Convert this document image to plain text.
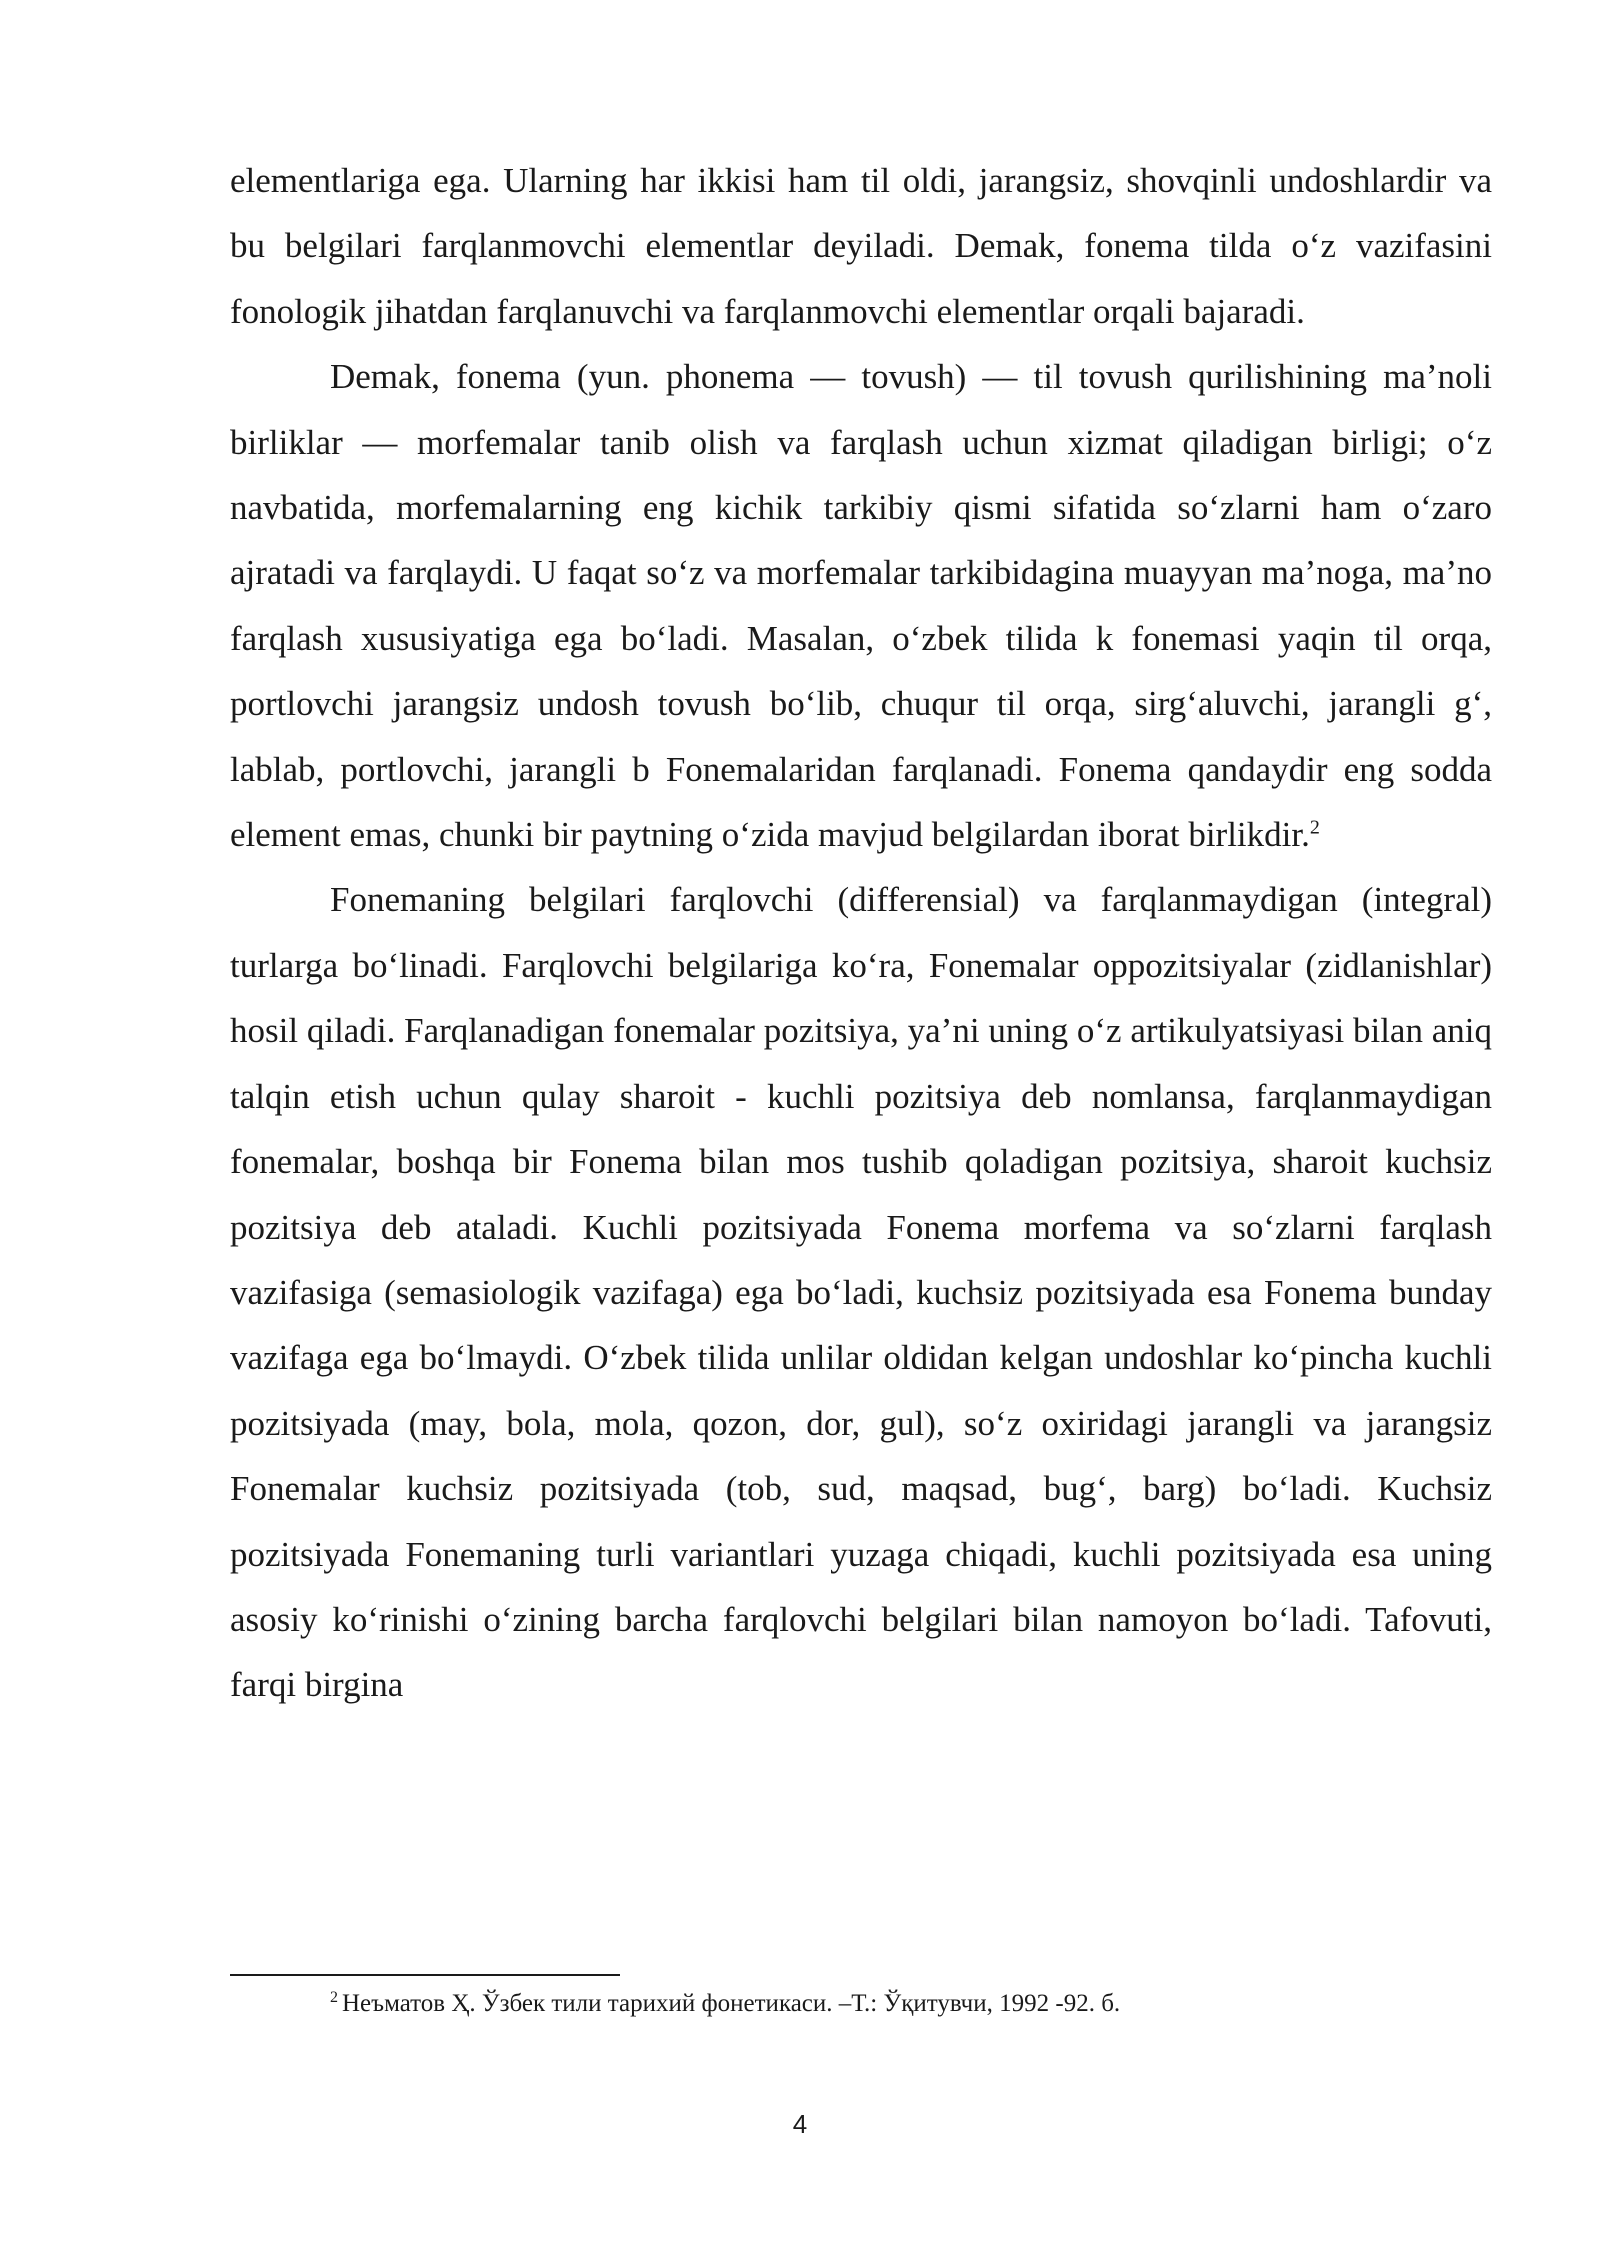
elementlariga ega. Ularning har ikkisi ham til oldi, jarangsiz, shovqinli undoshlardir va bu belgilari farqlanmovchi elementlar deyiladi. Demak, fonema tilda o‘z vazifasini fonologik jihatdan farqlanuvchi va farqlanmovchi elementlar orqali bajaradi.

Demak, fonema (yun. phonema — tovush) — til tovush qurilishining ma’noli birliklar — morfemalar tanib olish va farqlash uchun xizmat qiladigan birligi; o‘z navbatida, morfemalarning eng kichik tarkibiy qismi sifatida so‘zlarni ham o‘zaro ajratadi va farqlaydi. U faqat so‘z va morfemalar tarkibidagina muayyan ma’noga, ma’no farqlash xususiyatiga ega bo‘ladi. Masalan, o‘zbek tilida k fonemasi yaqin til orqa, portlovchi jarangsiz undosh tovush bo‘lib, chuqur til orqa, sirg‘aluvchi, jarangli g‘, lablab, portlovchi, jarangli b Fonemalaridan farqlanadi. Fonema qandaydir eng sodda element emas, chunki bir paytning o‘zida mavjud belgilardan iborat birlikdir.$^2$

Fonemaning belgilari farqlovchi (differensial) va farqlanmaydigan (integral) turlarga bo‘linadi. Farqlovchi belgilariga ko‘ra, Fonemalar oppozitsiyalar (zidlanishlar) hosil qiladi. Farqlanadigan fonemalar pozitsiya, ya’ni uning o‘z artikulyatsiyasi bilan aniq talqin etish uchun qulay sharoit - kuchli pozitsiya deb nomlansa, farqlanmaydigan fonemalar, boshqa bir Fonema bilan mos tushib qoladigan pozitsiya, sharoit kuchsiz pozitsiya deb ataladi. Kuchli pozitsiyada Fonema morfema va so‘zlarni farqlash vazifasiga (semasiologik vazifaga) ega bo‘ladi, kuchsiz pozitsiyada esa Fonema bunday vazifaga ega bo‘lmaydi. O‘zbek tilida unlilar oldidan kelgan undoshlar ko‘pincha kuchli pozitsiyada (may, bola, mola, qozon, dor, gul), so‘z oxiridagi jarangli va jarangsiz Fonemalar kuchsiz pozitsiyada (tob, sud, maqsad, bug‘, barg) bo‘ladi. Kuchsiz pozitsiyada Fonemaning turli variantlari yuzaga chiqadi, kuchli pozitsiyada esa uning asosiy ko‘rinishi o‘zining barcha farqlovchi belgilari bilan namoyon bo‘ladi. Tafovuti, farqi birgina

$^2$ Неъматов Ҳ. Ўзбек тили тарихий фонетикаси. –Т.: Ўқитувчи, 1992 -92. б.
4
